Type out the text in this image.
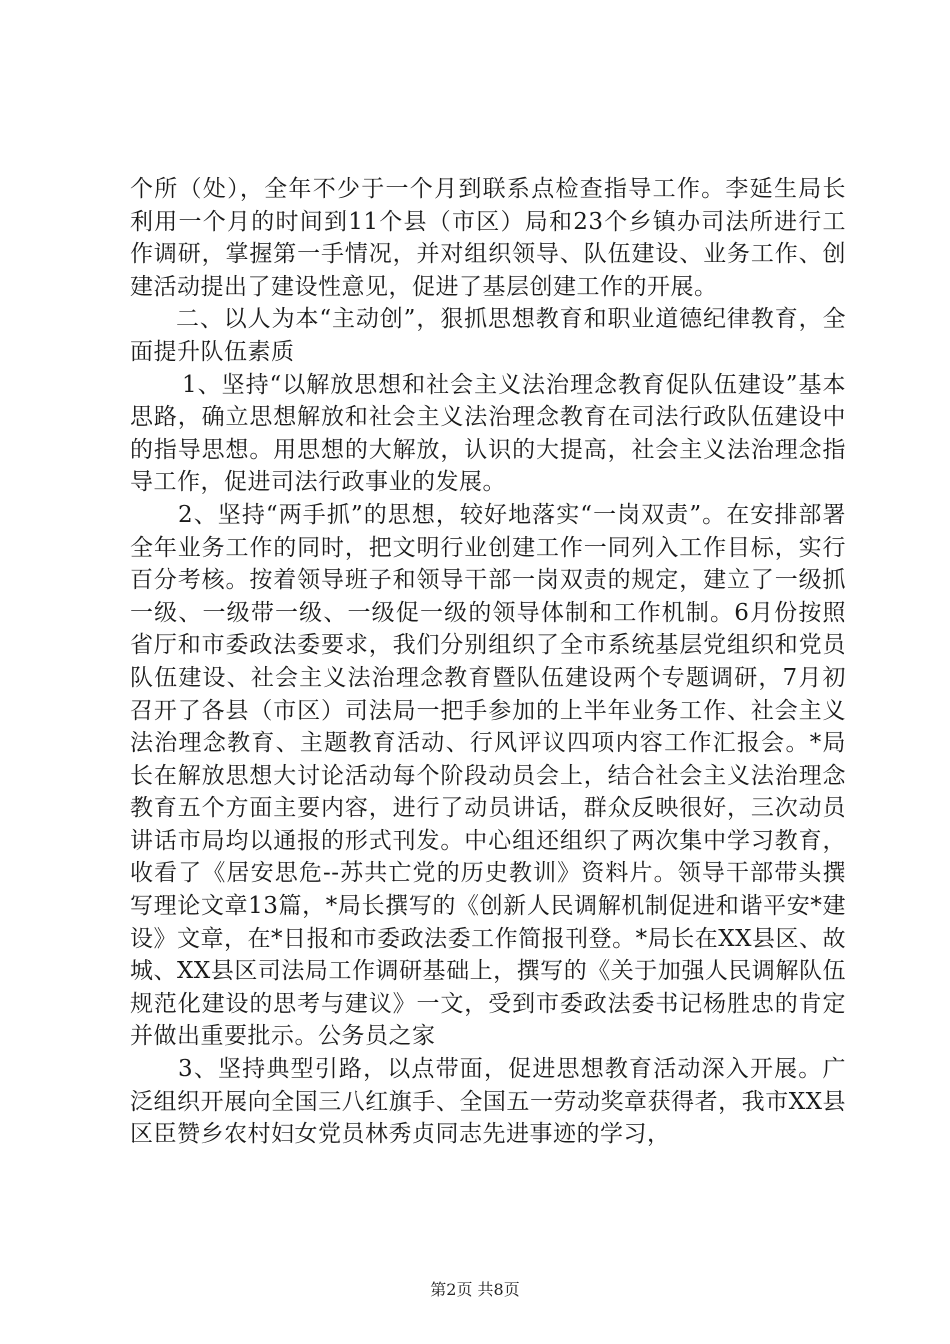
个所（处），全年不少于一个月到联系点检查指导工作。李延生局长利用一个月的时间到11个县（市区）局和23个乡镇办司法所进行工作调研，掌握第一手情况，并对组织领导、队伍建设、业务工作、创建活动提出了建设性意见，促进了基层创建工作的开展。

二、以人为本“主动创”，狠抓思想教育和职业道德纪律教育，全面提升队伍素质

1、坚持“以解放思想和社会主义法治理念教育促队伍建设”基本思路，确立思想解放和社会主义法治理念教育在司法行政队伍建设中的指导思想。用思想的大解放，认识的大提高，社会主义法治理念指导工作，促进司法行政事业的发展。

2、坚持“两手抓”的思想，较好地落实“一岗双责”。在安排部署全年业务工作的同时，把文明行业创建工作一同列入工作目标，实行百分考核。按着领导班子和领导干部一岗双责的规定，建立了一级抓一级、一级带一级、一级促一级的领导体制和工作机制。6月份按照省厅和市委政法委要求，我们分别组织了全市系统基层党组织和党员队伍建设、社会主义法治理念教育暨队伍建设两个专题调研，7月初召开了各县（市区）司法局一把手参加的上半年业务工作、社会主义法治理念教育、主题教育活动、行风评议四项内容工作汇报会。*局长在解放思想大讨论活动每个阶段动员会上，结合社会主义法治理念教育五个方面主要内容，进行了动员讲话，群众反映很好，三次动员讲话市局均以通报的形式刊发。中心组还组织了两次集中学习教育，收看了《居安思危--苏共亡党的历史教训》资料片。领导干部带头撰写理论文章13篇，*局长撰写的《创新人民调解机制促进和谐平安*建设》文章，在*日报和市委政法委工作简报刊登。*局长在XX县区、故城、XX县区司法局工作调研基础上，撰写的《关于加强人民调解队伍规范化建设的思考与建议》一文，受到市委政法委书记杨胜忠的肯定并做出重要批示。公务员之家

3、坚持典型引路，以点带面，促进思想教育活动深入开展。广泛组织开展向全国三八红旗手、全国五一劳动奖章获得者，我市XX县区臣赞乡农村妇女党员林秀贞同志先进事迹的学习，

第2页 共8页
